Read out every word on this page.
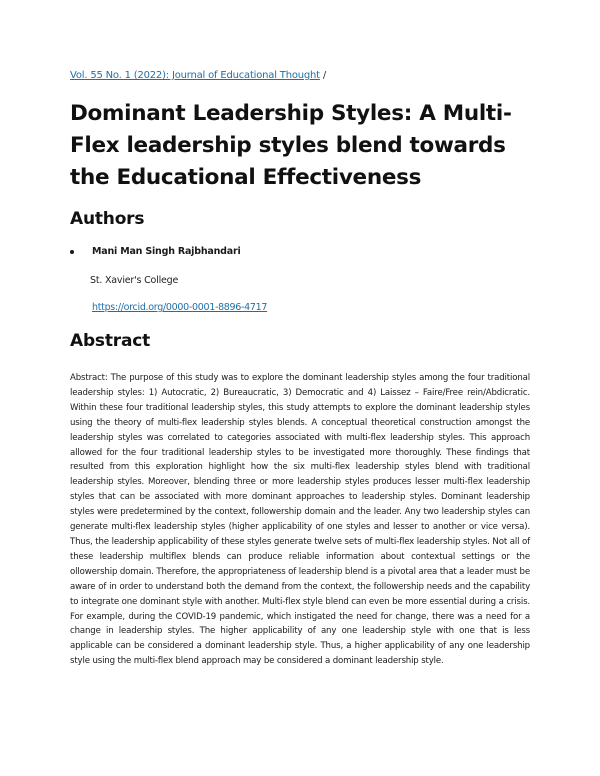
Vol. 55 No. 1 (2022): Journal of Educational Thought /
Dominant Leadership Styles: A Multi-Flex leadership styles blend towards the Educational Effectiveness
Authors
Mani Man Singh Rajbhandari
St. Xavier's College
https://orcid.org/0000-0001-8896-4717
Abstract

Abstract: The purpose of this study was to explore the dominant leadership styles among the four traditional leadership styles: 1) Autocratic, 2) Bureaucratic, 3) Democratic and 4) Laissez – Faire/Free rein/Abdicratic. Within these four traditional leadership styles, this study attempts to explore the dominant leadership styles using the theory of multi-flex leadership styles blends. A conceptual theoretical construction amongst the leadership styles was correlated to categories associated with multi-flex leadership styles. This approach allowed for the four traditional leadership styles to be investigated more thoroughly. These findings that resulted from this exploration highlight how the six multi-flex leadership styles blend with traditional leadership styles. Moreover, blending three or more leadership styles produces lesser multi-flex leadership styles that can be associated with more dominant approaches to leadership styles. Dominant leadership styles were predetermined by the context, followership domain and the leader. Any two leadership styles can generate multi-flex leadership styles (higher applicability of one styles and lesser to another or vice versa). Thus, the leadership applicability of these styles generate twelve sets of multi-flex leadership styles. Not all of these leadership multiflex blends can produce reliable information about contextual settings or the ollowership domain. Therefore, the appropriateness of leadership blend is a pivotal area that a leader must be aware of in order to understand both the demand from the context, the followership needs and the capability to integrate one dominant style with another. Multi-flex style blend can even be more essential during a crisis. For example, during the COVID-19 pandemic, which instigated the need for change, there was a need for a change in leadership styles. The higher applicability of any one leadership style with one that is less applicable can be considered a dominant leadership style. Thus, a higher applicability of any one leadership style using the multi-flex blend approach may be considered a dominant leadership style.
